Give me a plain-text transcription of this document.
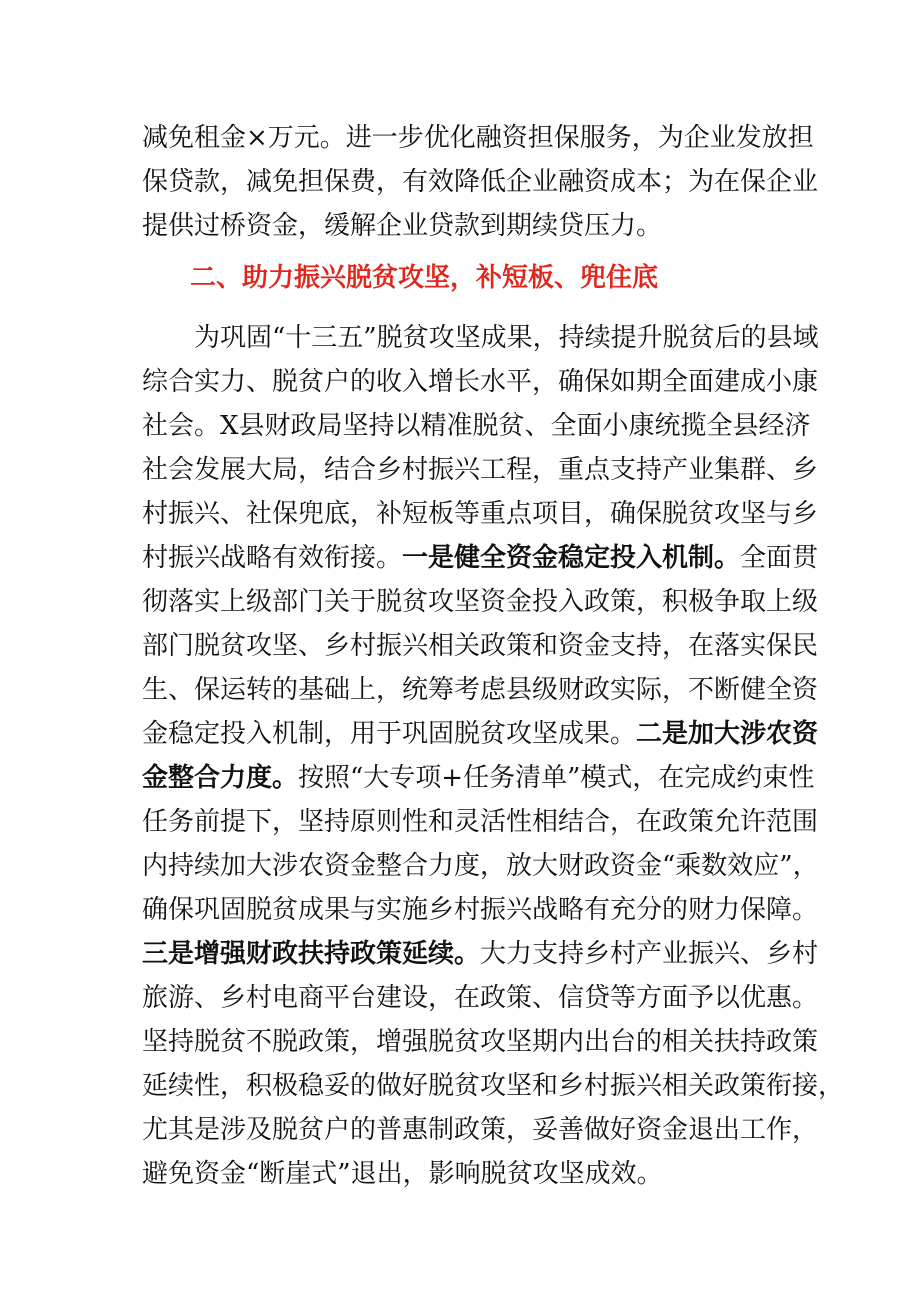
减免租金×万元。进一步优化融资担保服务，为企业发放担
保贷款，减免担保费，有效降低企业融资成本；为在保企业
提供过桥资金，缓解企业贷款到期续贷压力。
二、助力振兴脱贫攻坚，补短板、兜住底
为巩固“十三五”脱贫攻坚成果，持续提升脱贫后的县域
综合实力、脱贫户的收入增长水平，确保如期全面建成小康
社会。X县财政局坚持以精准脱贫、全面小康统揽全县经济
社会发展大局，结合乡村振兴工程，重点支持产业集群、乡
村振兴、社保兜底，补短板等重点项目，确保脱贫攻坚与乡
村振兴战略有效衔接。一是健全资金稳定投入机制。全面贯
彻落实上级部门关于脱贫攻坚资金投入政策，积极争取上级
部门脱贫攻坚、乡村振兴相关政策和资金支持，在落实保民
生、保运转的基础上，统筹考虑县级财政实际，不断健全资
金稳定投入机制，用于巩固脱贫攻坚成果。二是加大涉农资
金整合力度。按照“大专项+任务清单”模式，在完成约束性
任务前提下，坚持原则性和灵活性相结合，在政策允许范围
内持续加大涉农资金整合力度，放大财政资金“乘数效应”，
确保巩固脱贫成果与实施乡村振兴战略有充分的财力保障。
三是增强财政扶持政策延续。大力支持乡村产业振兴、乡村
旅游、乡村电商平台建设，在政策、信贷等方面予以优惠。
坚持脱贫不脱政策，增强脱贫攻坚期内出台的相关扶持政策
延续性，积极稳妥的做好脱贫攻坚和乡村振兴相关政策衔接，
尤其是涉及脱贫户的普惠制政策，妥善做好资金退出工作，
避免资金“断崖式”退出，影响脱贫攻坚成效。
